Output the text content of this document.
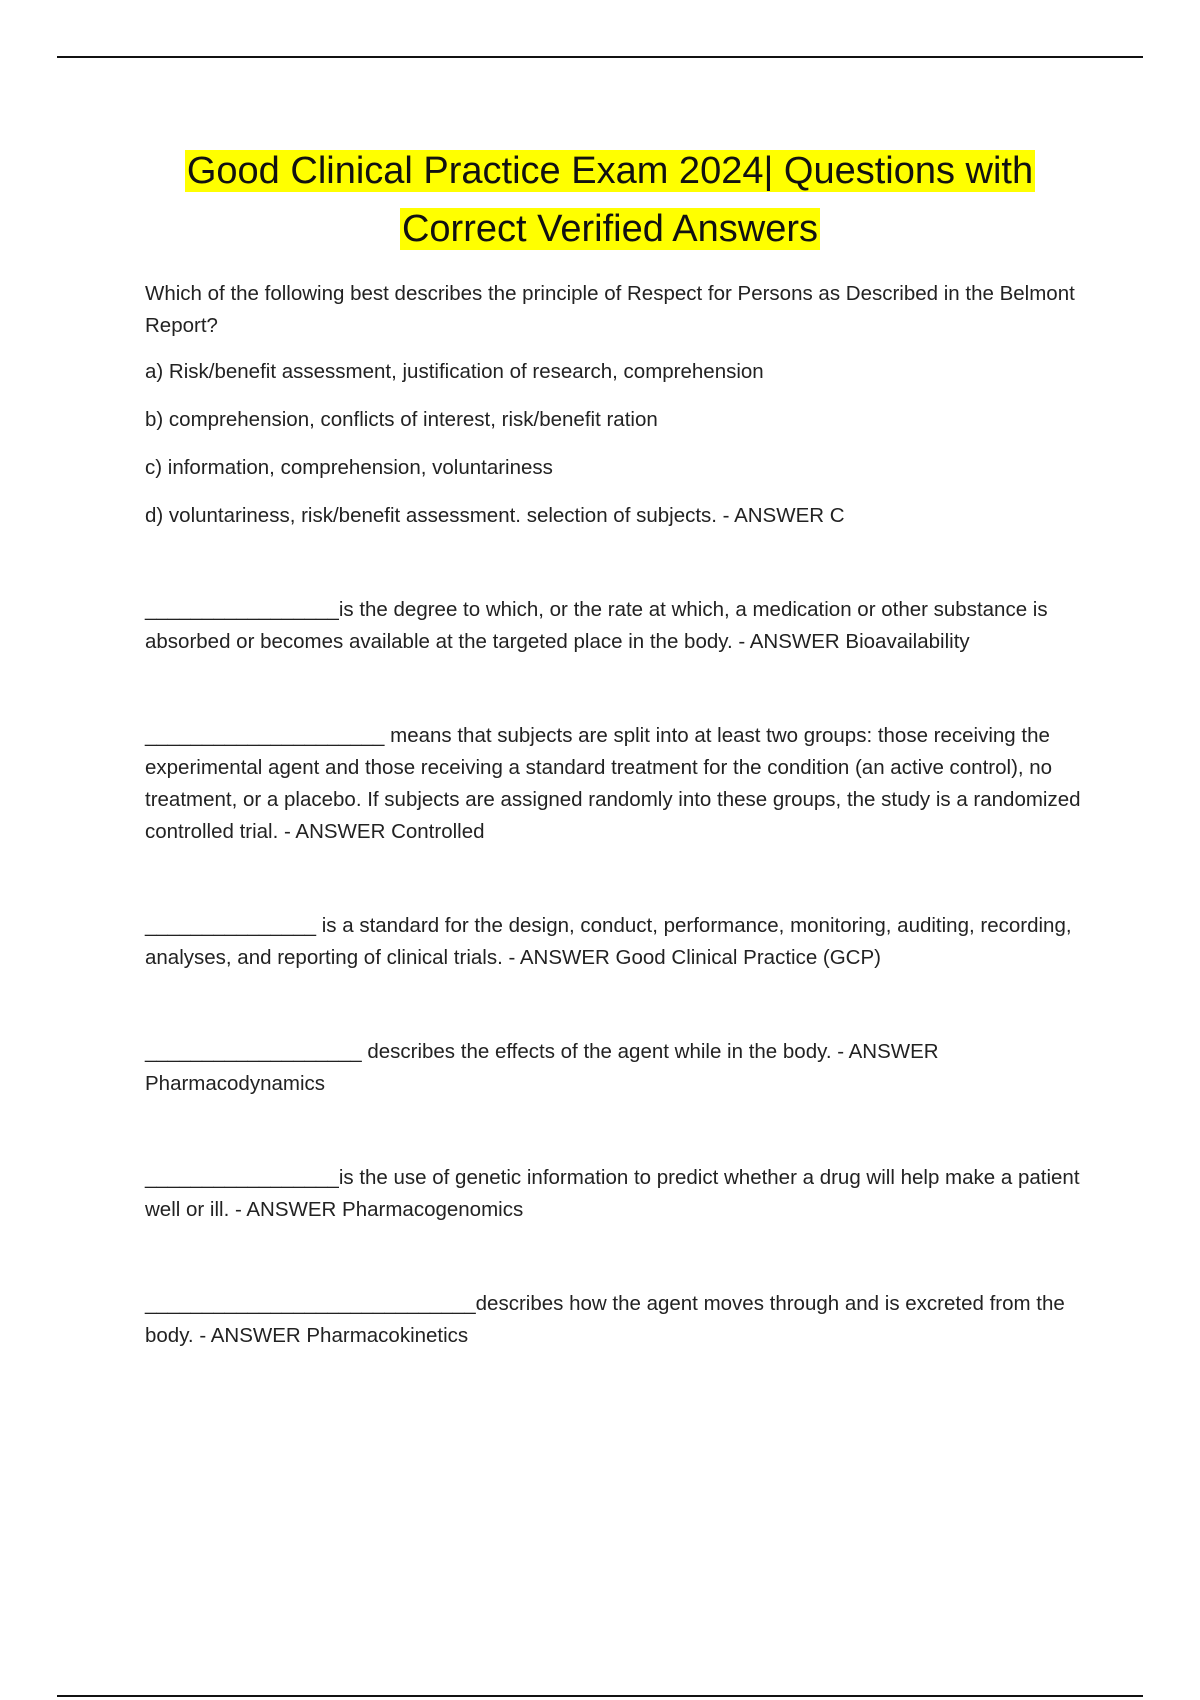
Good Clinical Practice Exam 2024| Questions with
Correct Verified Answers

Which of the following best describes the principle of Respect for Persons as Described in the Belmont Report?

a) Risk/benefit assessment, justification of research, comprehension

b) comprehension, conflicts of interest, risk/benefit ration

c) information, comprehension, voluntariness

d) voluntariness, risk/benefit assessment. selection of subjects. - ANSWER C

_________________is the degree to which, or the rate at which, a medication or other substance is absorbed or becomes available at the targeted place in the body. - ANSWER Bioavailability

_____________________ means that subjects are split into at least two groups: those receiving the experimental agent and those receiving a standard treatment for the condition (an active control), no treatment, or a placebo. If subjects are assigned randomly into these groups, the study is a randomized controlled trial. - ANSWER Controlled

_______________ is a standard for the design, conduct, performance, monitoring, auditing, recording, analyses, and reporting of clinical trials. - ANSWER Good Clinical Practice (GCP)

___________________ describes the effects of the agent while in the body. - ANSWER Pharmacodynamics

_________________is the use of genetic information to predict whether a drug will help make a patient well or ill. - ANSWER Pharmacogenomics

_____________________________describes how the agent moves through and is excreted from the body. - ANSWER Pharmacokinetics
